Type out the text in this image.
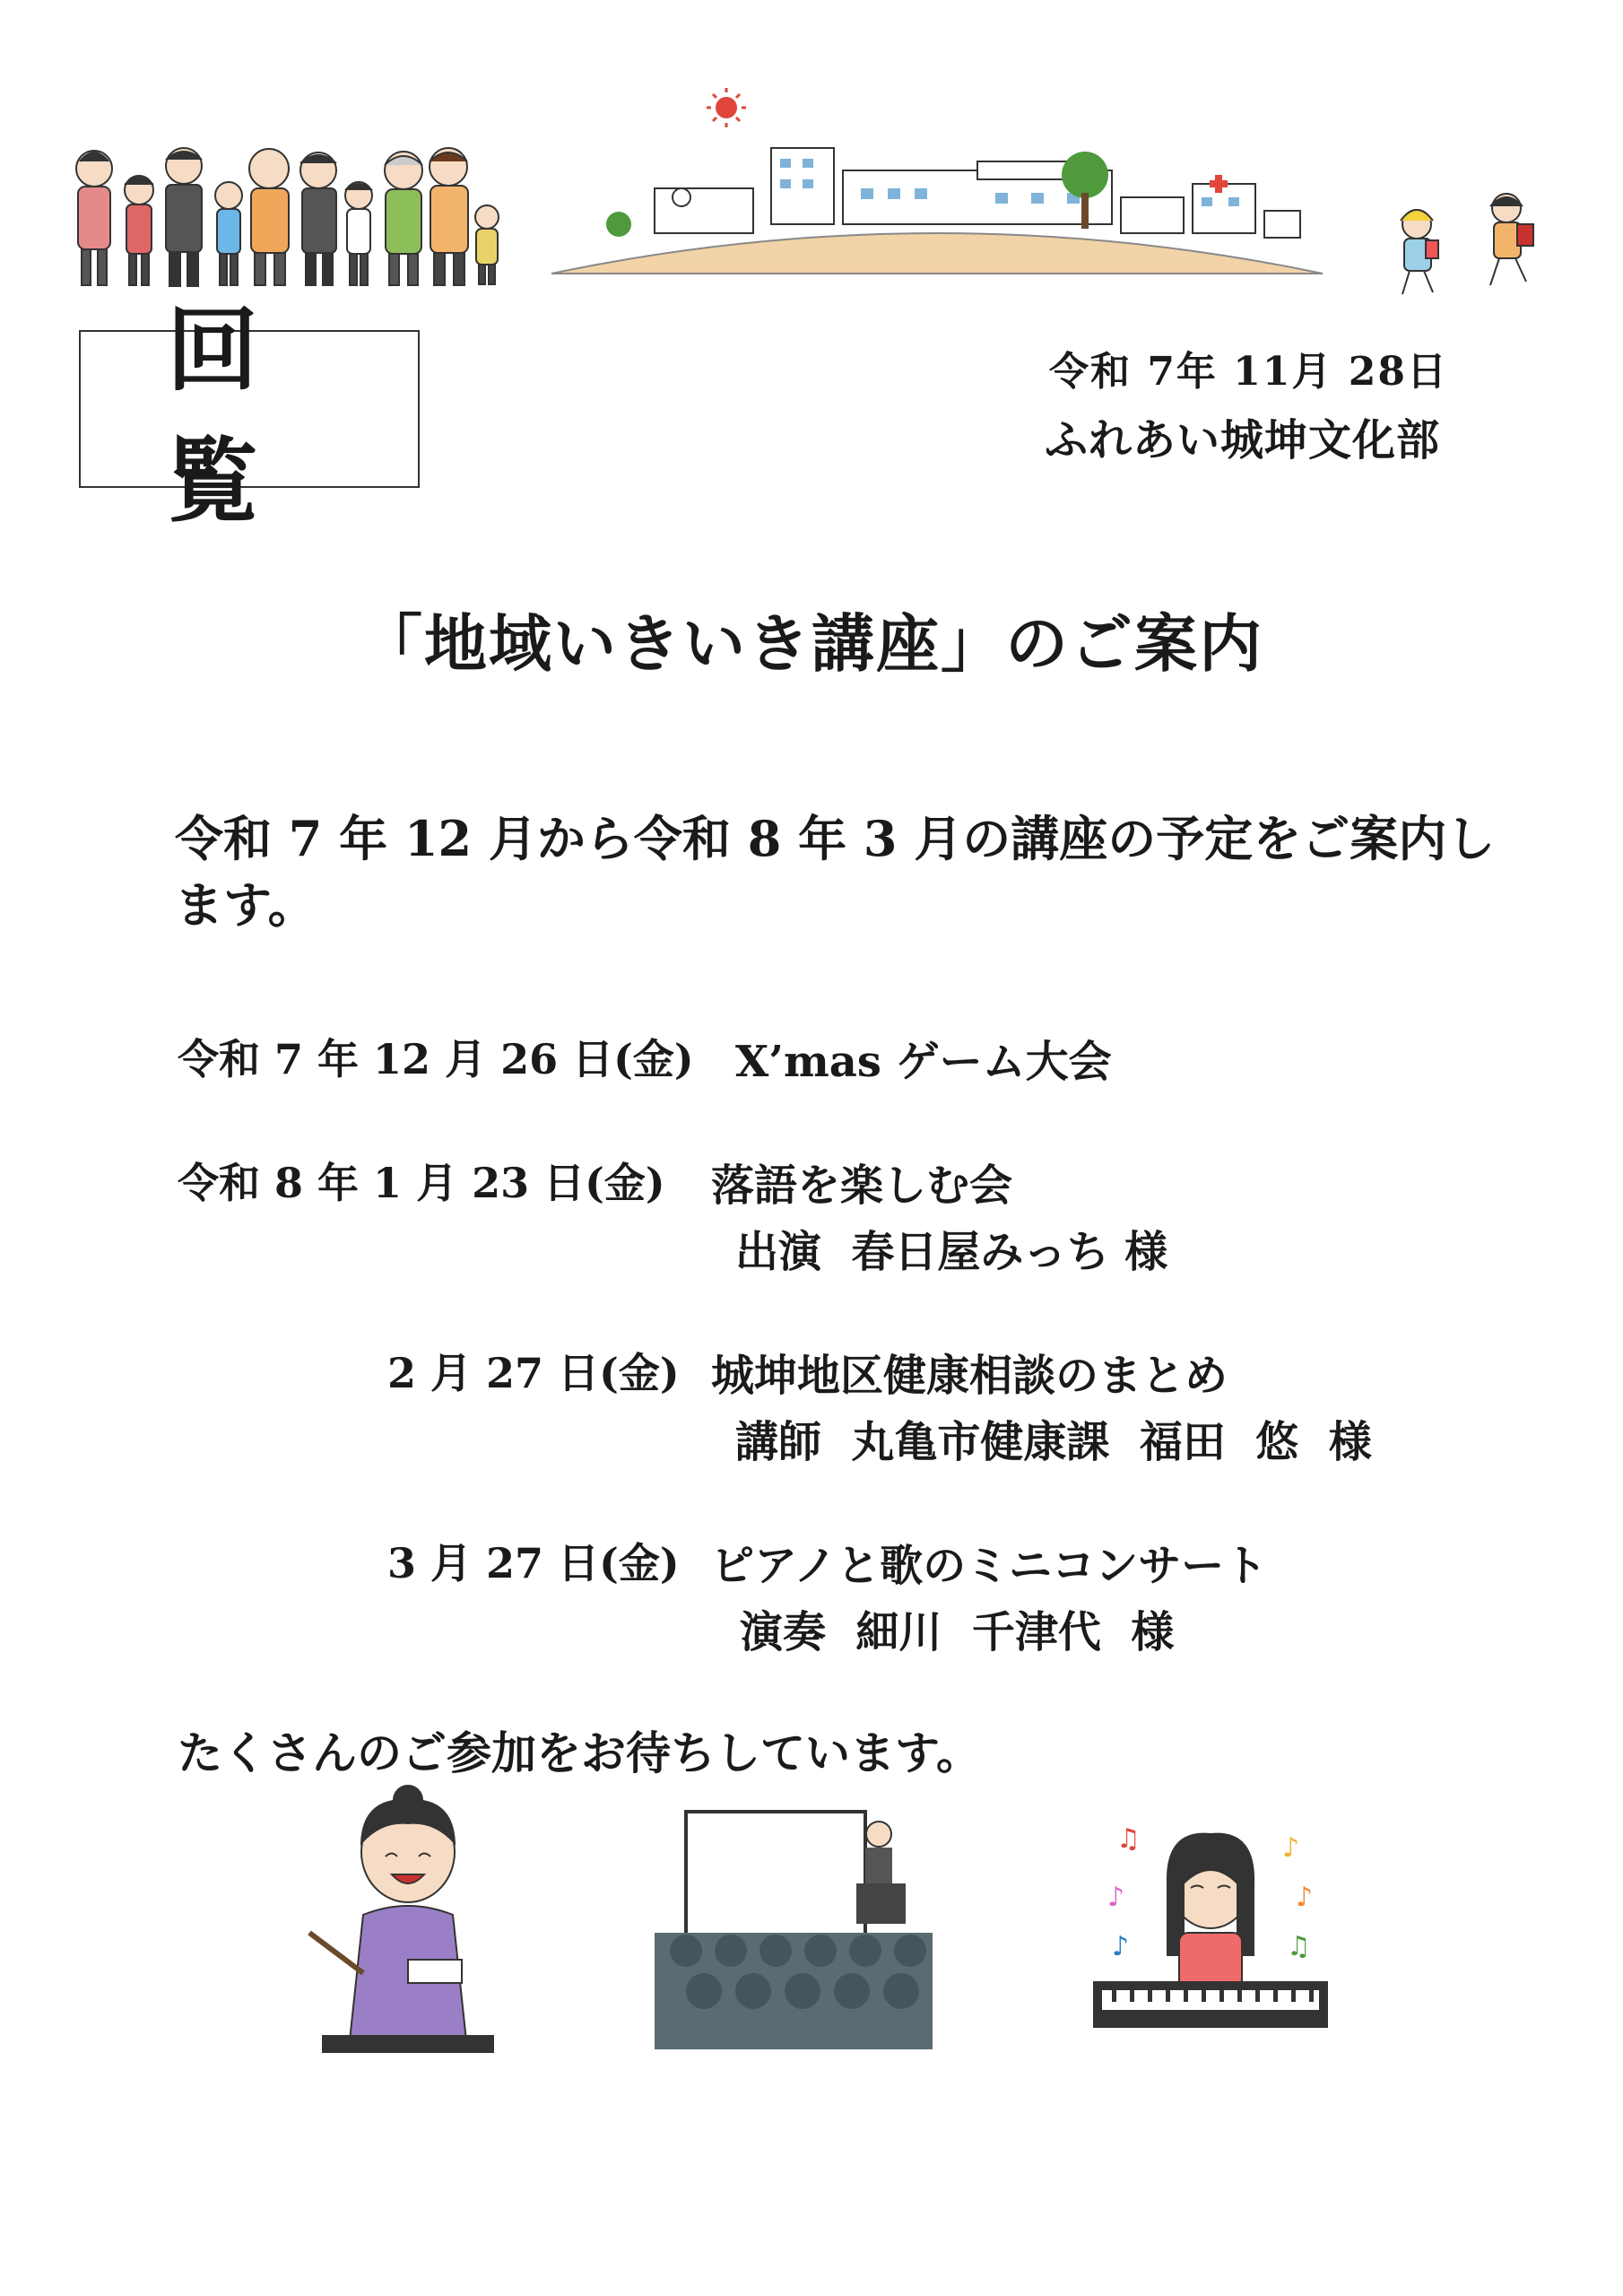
回 覧
令和 7年 11月 28日
ふれあい城坤文化部
「地域いきいき講座」のご案内
令和 7 年 12 月から令和 8 年 3 月の講座の予定をご案内します。
令和 7 年 12 月 26 日(金) X’mas ゲーム大会
令和 8 年 1 月 23 日(金) 落語を楽しむ会
出演  春日屋みっち 様
2 月 27 日(金) 城坤地区健康相談のまとめ
講師  丸亀市健康課  福田  悠  様
3 月 27 日(金) ピアノと歌のミニコンサート
演奏  細川  千津代  様
たくさんのご参加をお待ちしています。
♫	♪
♪	♪
♪	♫
